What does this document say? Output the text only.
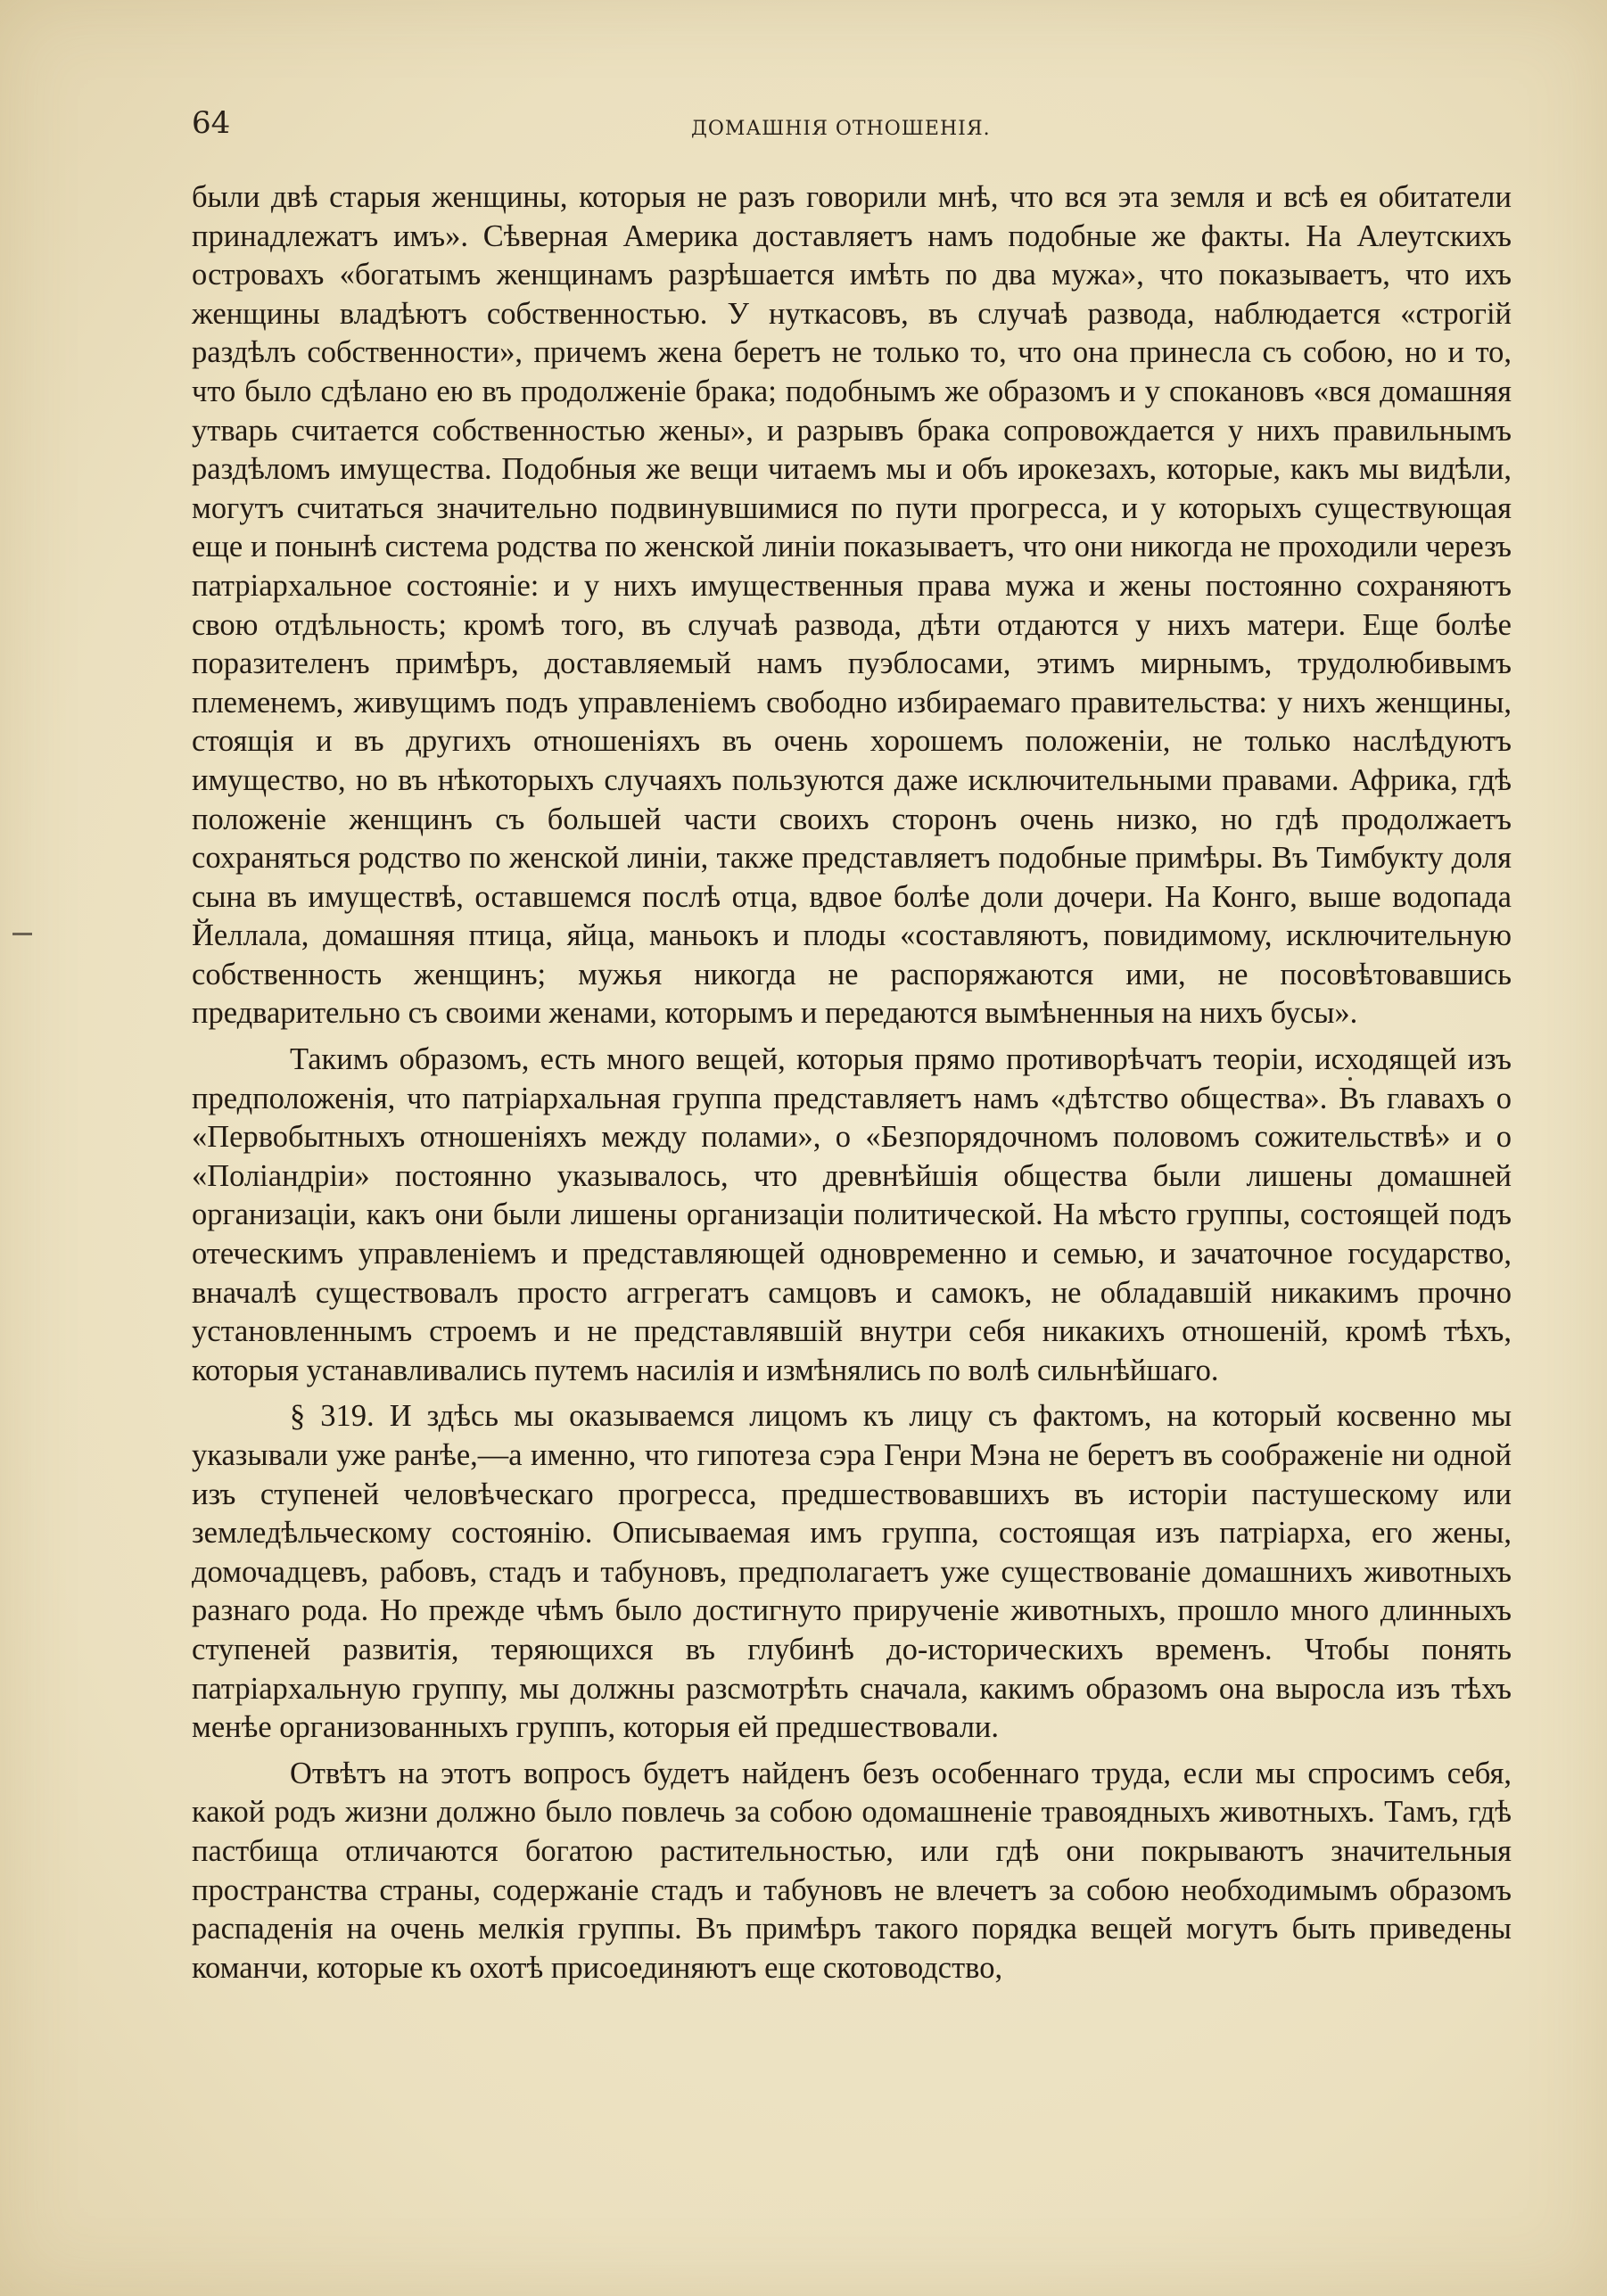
64	ДОМАШНІЯ ОТНОШЕНІЯ.

были двѣ старыя женщины, которыя не разъ говорили мнѣ, что вся эта земля и всѣ ея обитатели принадлежатъ имъ». Сѣверная Америка доставляетъ намъ подобные же факты. На Алеутскихъ островахъ «богатымъ женщинамъ разрѣшается имѣть по два мужа», что показываетъ, что ихъ женщины владѣютъ собственностью. У нуткасовъ, въ случаѣ развода, наблюдается «строгій раздѣлъ собственности», причемъ жена беретъ не только то, что она принесла съ собою, но и то, что было сдѣлано ею въ продолженіе брака; подобнымъ же образомъ и у спокановъ «вся домашняя утварь считается собственностью жены», и разрывъ брака сопровождается у нихъ правильнымъ раздѣломъ имущества. Подобныя же вещи читаемъ мы и объ ирокезахъ, которые, какъ мы видѣли, могутъ считаться значительно подвинувшимися по пути прогресса, и у которыхъ существующая еще и понынѣ система родства по женской линіи показываетъ, что они никогда не проходили черезъ патріархальное состояніе: и у нихъ имущественныя права мужа и жены постоянно сохраняютъ свою отдѣльность; кромѣ того, въ случаѣ развода, дѣти отдаются у нихъ матери. Еще болѣе поразителенъ примѣръ, доставляемый намъ пуэблосами, этимъ мирнымъ, трудолюбивымъ племенемъ, живущимъ подъ управленіемъ свободно избираемаго правительства: у нихъ женщины, стоящія и въ другихъ отношеніяхъ въ очень хорошемъ положеніи, не только наслѣдуютъ имущество, но въ нѣкоторыхъ случаяхъ пользуются даже исключительными правами. Африка, гдѣ положеніе женщинъ съ большей части своихъ сторонъ очень низко, но гдѣ продолжаетъ сохраняться родство по женской линіи, также представляетъ подобные примѣры. Въ Тимбукту доля сына въ имуществѣ, оставшемся послѣ отца, вдвое болѣе доли дочери. На Конго, выше водопада Йеллала, домашняя птица, яйца, маньокъ и плоды «составляютъ, повидимому, исключительную собственность женщинъ; мужья никогда не распоряжаются ими, не посовѣтовавшись предварительно съ своими женами, которымъ и передаются вымѣненныя на нихъ бусы».

Такимъ образомъ, есть много вещей, которыя прямо противорѣчатъ теоріи, исходящей изъ предположенія, что патріархальная группа представляетъ намъ «дѣтство общества». Въ главахъ о «Первобытныхъ отношеніяхъ между полами», о «Безпорядочномъ половомъ сожительствѣ» и о «Поліандріи» постоянно указывалось, что древнѣйшія общества были лишены домашней организаціи, какъ они были лишены организаціи политической. На мѣсто группы, состоящей подъ отеческимъ управленіемъ и представляющей одновременно и семью, и зачаточное государство, вначалѣ существовалъ просто аггрегатъ самцовъ и самокъ, не обладавшій никакимъ прочно установленнымъ строемъ и не представлявшій внутри себя никакихъ отношеній, кромѣ тѣхъ, которыя устанавливались путемъ насилія и измѣнялись по волѣ сильнѣйшаго.

§ 319. И здѣсь мы оказываемся лицомъ къ лицу съ фактомъ, на который косвенно мы указывали уже ранѣе,—а именно, что гипотеза сэра Генри Мэна не беретъ въ соображеніе ни одной изъ ступеней человѣческаго прогресса, предшествовавшихъ въ исторіи пастушескому или земледѣльческому состоянію. Описываемая имъ группа, состоящая изъ патріарха, его жены, домочадцевъ, рабовъ, стадъ и табуновъ, предполагаетъ уже существованіе домашнихъ животныхъ разнаго рода. Но прежде чѣмъ было достигнуто прирученіе животныхъ, прошло много длинныхъ ступеней развитія, теряющихся въ глубинѣ до-историческихъ временъ. Чтобы понять патріархальную группу, мы должны разсмотрѣть сначала, какимъ образомъ она выросла изъ тѣхъ менѣе организованныхъ группъ, которыя ей предшествовали.

Отвѣтъ на этотъ вопросъ будетъ найденъ безъ особеннаго труда, если мы спросимъ себя, какой родъ жизни должно было повлечь за собою одомашненіе травоядныхъ животныхъ. Тамъ, гдѣ пастбища отличаются богатою растительностью, или гдѣ они покрываютъ значительныя пространства страны, содержаніе стадъ и табуновъ не влечетъ за собою необходимымъ образомъ распаденія на очень мелкія группы. Въ примѣръ такого порядка вещей могутъ быть приведены команчи, которые къ охотѣ присоединяютъ еще скотоводство,
